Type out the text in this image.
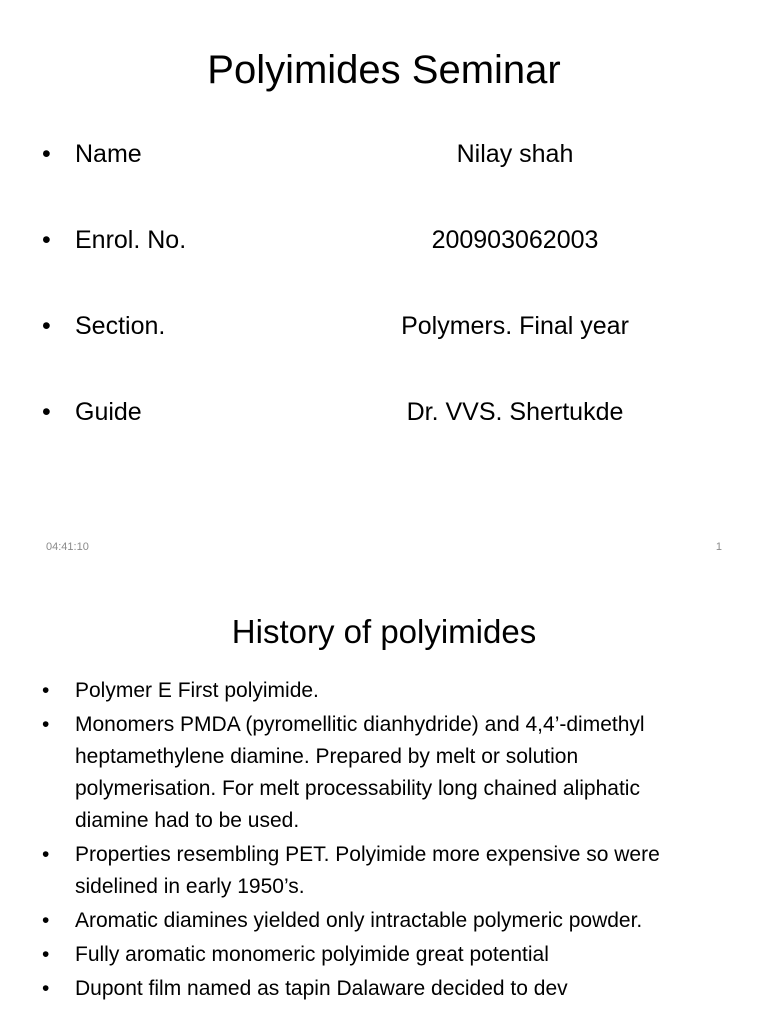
Polyimides Seminar
• Name	Nilay shah
• Enrol. No.	200903062003
• Section.	Polymers. Final year
• Guide	Dr. VVS. Shertukde
04:41:10	1
History of polyimides
•	Polymer E First polyimide.
•	Monomers PMDA (pyromellitic dianhydride) and 4,4’-dimethyl heptamethylene diamine. Prepared by melt or solution polymerisation. For melt processability long chained aliphatic diamine had to be used.
•	Properties resembling PET. Polyimide more expensive so were sidelined in early 1950’s.
•	Aromatic diamines yielded only intractable polymeric powder.
•	Fully aromatic monomeric polyimide great potential
•	Dupont film named as tapin Dalaware decided to dev
